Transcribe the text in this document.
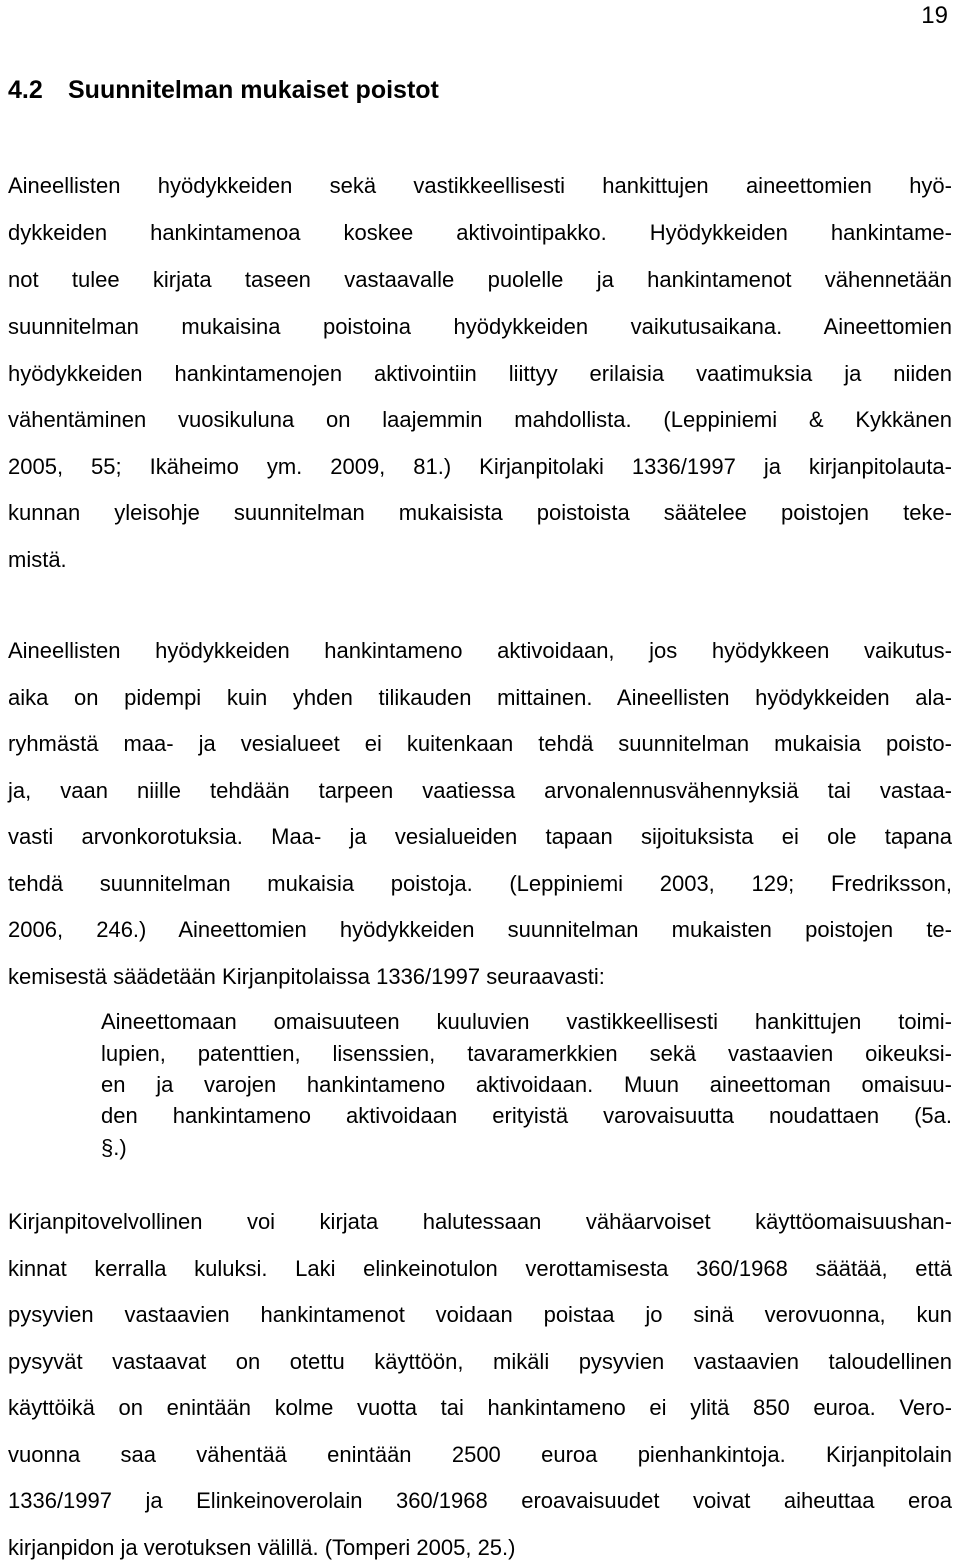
19
4.2 Suunnitelman mukaiset poistot
Aineellisten hyödykkeiden sekä vastikkeellisesti hankittujen aineettomien hyö-
dykkeiden hankintamenoa koskee aktivointipakko. Hyödykkeiden hankintame-
not tulee kirjata taseen vastaavalle puolelle ja hankintamenot vähennetään
suunnitelman mukaisina poistoina hyödykkeiden vaikutusaikana. Aineettomien
hyödykkeiden hankintamenojen aktivointiin liittyy erilaisia vaatimuksia ja niiden
vähentäminen vuosikuluna on laajemmin mahdollista. (Leppiniemi & Kykkänen
2005, 55; Ikäheimo ym. 2009, 81.) Kirjanpitolaki 1336/1997 ja kirjanpitolauta-
kunnan yleisohje suunnitelman mukaisista poistoista säätelee poistojen teke-
mistä.
Aineellisten hyödykkeiden hankintameno aktivoidaan, jos hyödykkeen vaikutus-
aika on pidempi kuin yhden tilikauden mittainen. Aineellisten hyödykkeiden ala-
ryhmästä maa- ja vesialueet ei kuitenkaan tehdä suunnitelman mukaisia poisto-
ja, vaan niille tehdään tarpeen vaatiessa arvonalennusvähennyksiä tai vastaa-
vasti arvonkorotuksia. Maa- ja vesialueiden tapaan sijoituksista ei ole tapana
tehdä suunnitelman mukaisia poistoja. (Leppiniemi 2003, 129; Fredriksson,
2006, 246.) Aineettomien hyödykkeiden suunnitelman mukaisten poistojen te-
kemisestä säädetään Kirjanpitolaissa 1336/1997 seuraavasti:
Aineettomaan omaisuuteen kuuluvien vastikkeellisesti hankittujen toimi-
lupien, patenttien, lisenssien, tavaramerkkien sekä vastaavien oikeuksi-
en ja varojen hankintameno aktivoidaan. Muun aineettoman omaisuu-
den hankintameno aktivoidaan erityistä varovaisuutta noudattaen (5a.
§.)
Kirjanpitovelvollinen voi kirjata halutessaan vähäarvoiset käyttöomaisuushan-
kinnat kerralla kuluksi. Laki elinkeinotulon verottamisesta 360/1968 säätää, että
pysyvien vastaavien hankintamenot voidaan poistaa jo sinä verovuonna, kun
pysyvät vastaavat on otettu käyttöön, mikäli pysyvien vastaavien taloudellinen
käyttöikä on enintään kolme vuotta tai hankintameno ei ylitä 850 euroa. Vero-
vuonna saa vähentää enintään 2500 euroa pienhankintoja. Kirjanpitolain
1336/1997 ja Elinkeinoverolain 360/1968 eroavaisuudet voivat aiheuttaa eroa
kirjanpidon ja verotuksen välillä. (Tomperi 2005, 25.)
